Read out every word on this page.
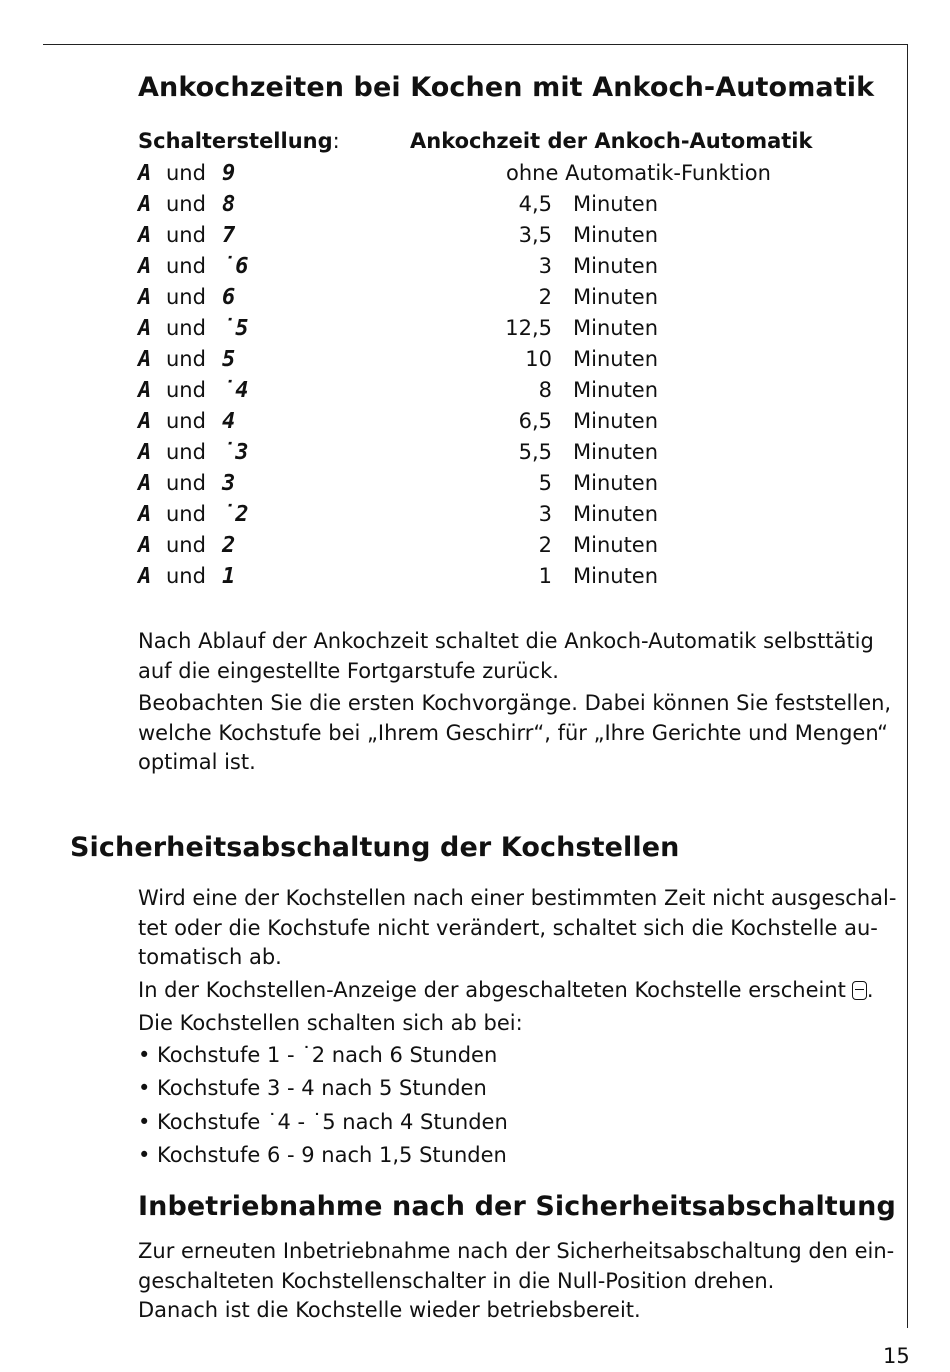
Ankochzeiten bei Kochen mit Ankoch-Automatik
Schalterstellung:	Ankochzeit der Ankoch-Automatik
A und 9	ohne Automatik-Funktion
A und 8	4,5 Minuten
A und 7	3,5 Minuten
A und ˙6	3 Minuten
A und 6	2 Minuten
A und ˙5	12,5 Minuten
A und 5	10 Minuten
A und ˙4	8 Minuten
A und 4	6,5 Minuten
A und ˙3	5,5 Minuten
A und 3	5 Minuten
A und ˙2	3 Minuten
A und 2	2 Minuten
A und 1	1 Minuten

Nach Ablauf der Ankochzeit schaltet die Ankoch-Automatik selbsttätig
auf die eingestellte Fortgarstufe zurück.

Beobachten Sie die ersten Kochvorgänge. Dabei können Sie feststellen,
welche Kochstufe bei „Ihrem Geschirr“, für „Ihre Gerichte und Mengen“
optimal ist.

Sicherheitsabschaltung der Kochstellen

Wird eine der Kochstellen nach einer bestimmten Zeit nicht ausgeschal-
tet oder die Kochstufe nicht verändert, schaltet sich die Kochstelle au-
tomatisch ab.

In der Kochstellen-Anzeige der abgeschalteten Kochstelle erscheint .

Die Kochstellen schalten sich ab bei:

• Kochstufe 1 - ˙2 nach 6 Stunden
• Kochstufe 3 - 4 nach 5 Stunden
• Kochstufe ˙4 - ˙5 nach 4 Stunden
• Kochstufe 6 - 9 nach 1,5 Stunden
Inbetriebnahme nach der Sicherheitsabschaltung

Zur erneuten Inbetriebnahme nach der Sicherheitsabschaltung den ein-
geschalteten Kochstellenschalter in die Null-Position drehen.
Danach ist die Kochstelle wieder betriebsbereit.

15
